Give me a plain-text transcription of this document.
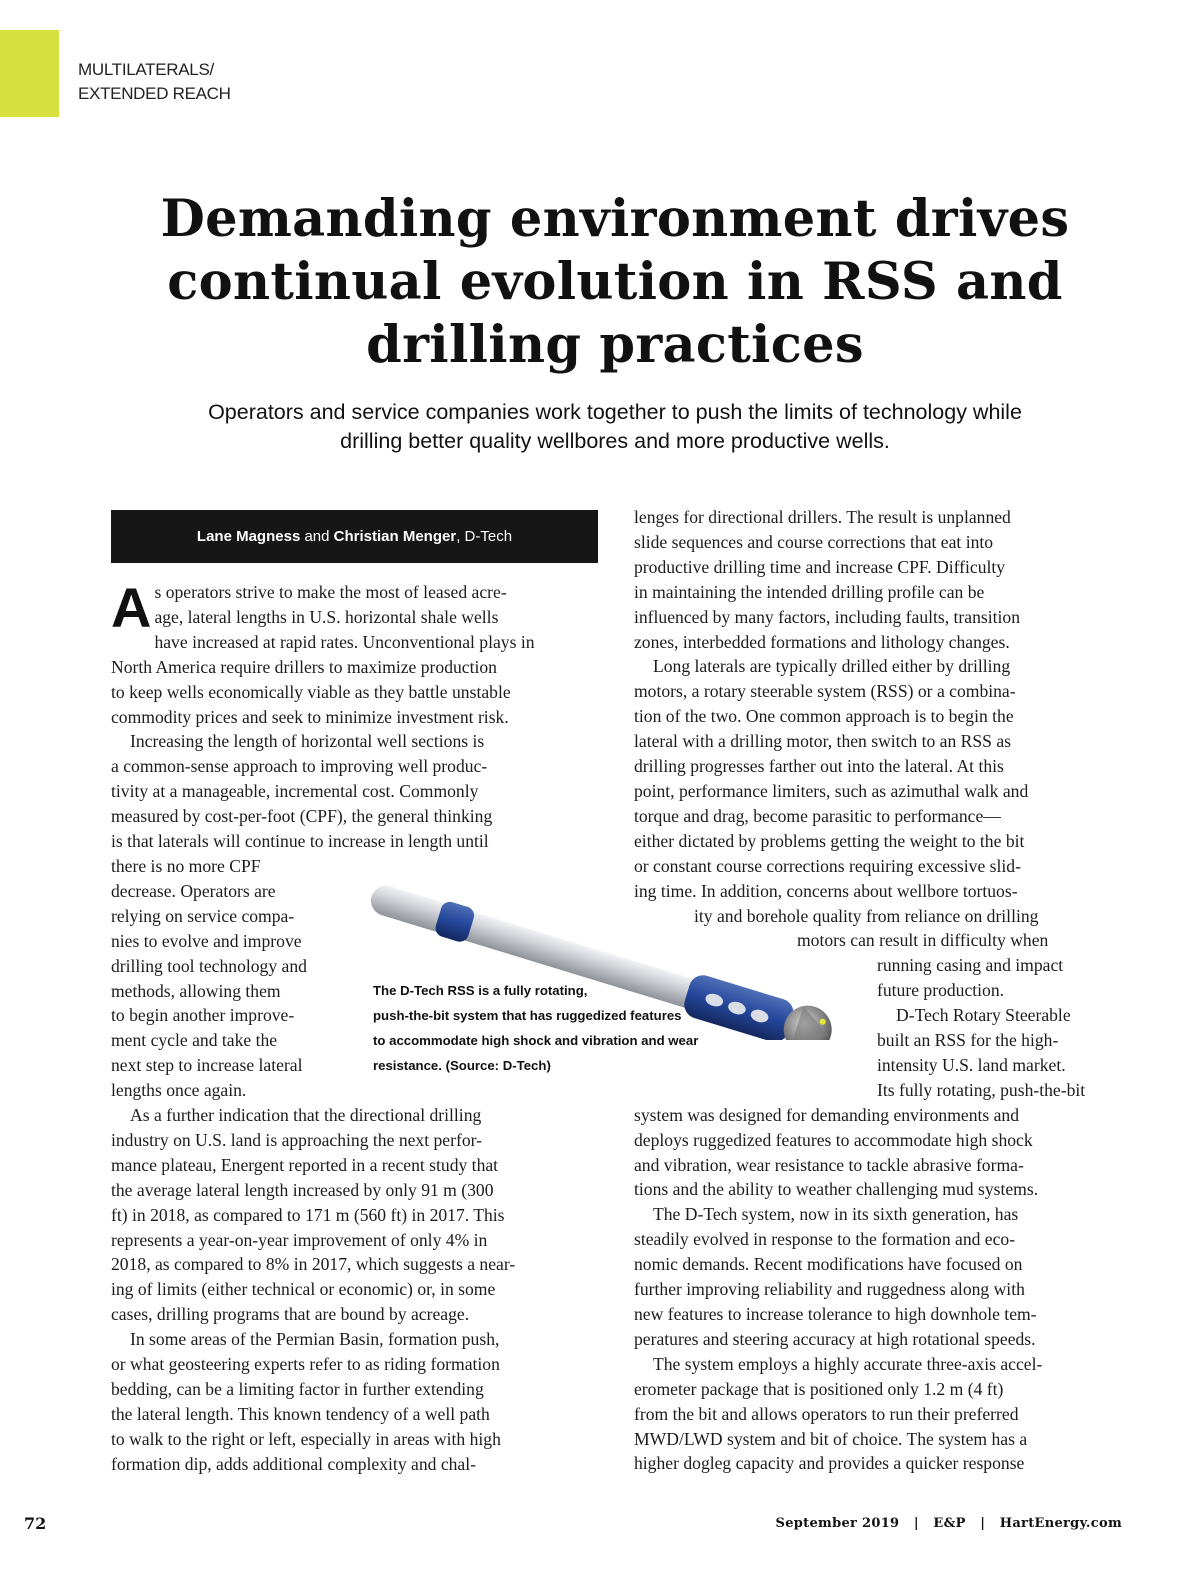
MULTILATERALS/
EXTENDED REACH
Demanding environment drives continual evolution in RSS and drilling practices
Operators and service companies work together to push the limits of technology while
drilling better quality wellbores and more productive wells.
Lane Magness and Christian Menger, D-Tech
A s operators strive to make the most of leased acre-
age, lateral lengths in U.S. horizontal shale wells
have increased at rapid rates. Unconventional plays in
North America require drillers to maximize production
to keep wells economically viable as they battle unstable
commodity prices and seek to minimize investment risk.
Increasing the length of horizontal well sections is
a common-sense approach to improving well produc-
tivity at a manageable, incremental cost. Commonly
measured by cost-per-foot (CPF), the general thinking
is that laterals will continue to increase in length until
there is no more CPF
decrease. Operators are
relying on service compa-
nies to evolve and improve
drilling tool technology and
methods, allowing them
to begin another improve-
ment cycle and take the
next step to increase lateral
lengths once again.
As a further indication that the directional drilling
industry on U.S. land is approaching the next perfor-
mance plateau, Energent reported in a recent study that
the average lateral length increased by only 91 m (300
ft) in 2018, as compared to 171 m (560 ft) in 2017. This
represents a year-on-year improvement of only 4% in
2018, as compared to 8% in 2017, which suggests a near-
ing of limits (either technical or economic) or, in some
cases, drilling programs that are bound by acreage.
In some areas of the Permian Basin, formation push,
or what geosteering experts refer to as riding formation
bedding, can be a limiting factor in further extending
the lateral length. This known tendency of a well path
to walk to the right or left, especially in areas with high
formation dip, adds additional complexity and chal-
lenges for directional drillers. The result is unplanned
slide sequences and course corrections that eat into
productive drilling time and increase CPF. Difficulty
in maintaining the intended drilling profile can be
influenced by many factors, including faults, transition
zones, interbedded formations and lithology changes.
Long laterals are typically drilled either by drilling
motors, a rotary steerable system (RSS) or a combina-
tion of the two. One common approach is to begin the
lateral with a drilling motor, then switch to an RSS as
drilling progresses farther out into the lateral. At this
point, performance limiters, such as azimuthal walk and
torque and drag, become parasitic to performance—
either dictated by problems getting the weight to the bit
or constant course corrections requiring excessive slid-
ing time. In addition, concerns about wellbore tortuos-
ity and borehole quality from reliance on drilling
motors can result in difficulty when
running casing and impact
future production.
D-Tech Rotary Steerable
built an RSS for the high-
intensity U.S. land market.
Its fully rotating, push-the-bit
system was designed for demanding environments and
deploys ruggedized features to accommodate high shock
and vibration, wear resistance to tackle abrasive forma-
tions and the ability to weather challenging mud systems.
The D-Tech system, now in its sixth generation, has
steadily evolved in response to the formation and eco-
nomic demands. Recent modifications have focused on
further improving reliability and ruggedness along with
new features to increase tolerance to high downhole tem-
peratures and steering accuracy at high rotational speeds.
The system employs a highly accurate three-axis accel-
erometer package that is positioned only 1.2 m (4 ft)
from the bit and allows operators to run their preferred
MWD/LWD system and bit of choice. The system has a
higher dogleg capacity and provides a quicker response
The D-Tech RSS is a fully rotating,
push-the-bit system that has ruggedized features
to accommodate high shock and vibration and wear
resistance. (Source: D-Tech)
72	September 2019 | E&P | HartEnergy.com
